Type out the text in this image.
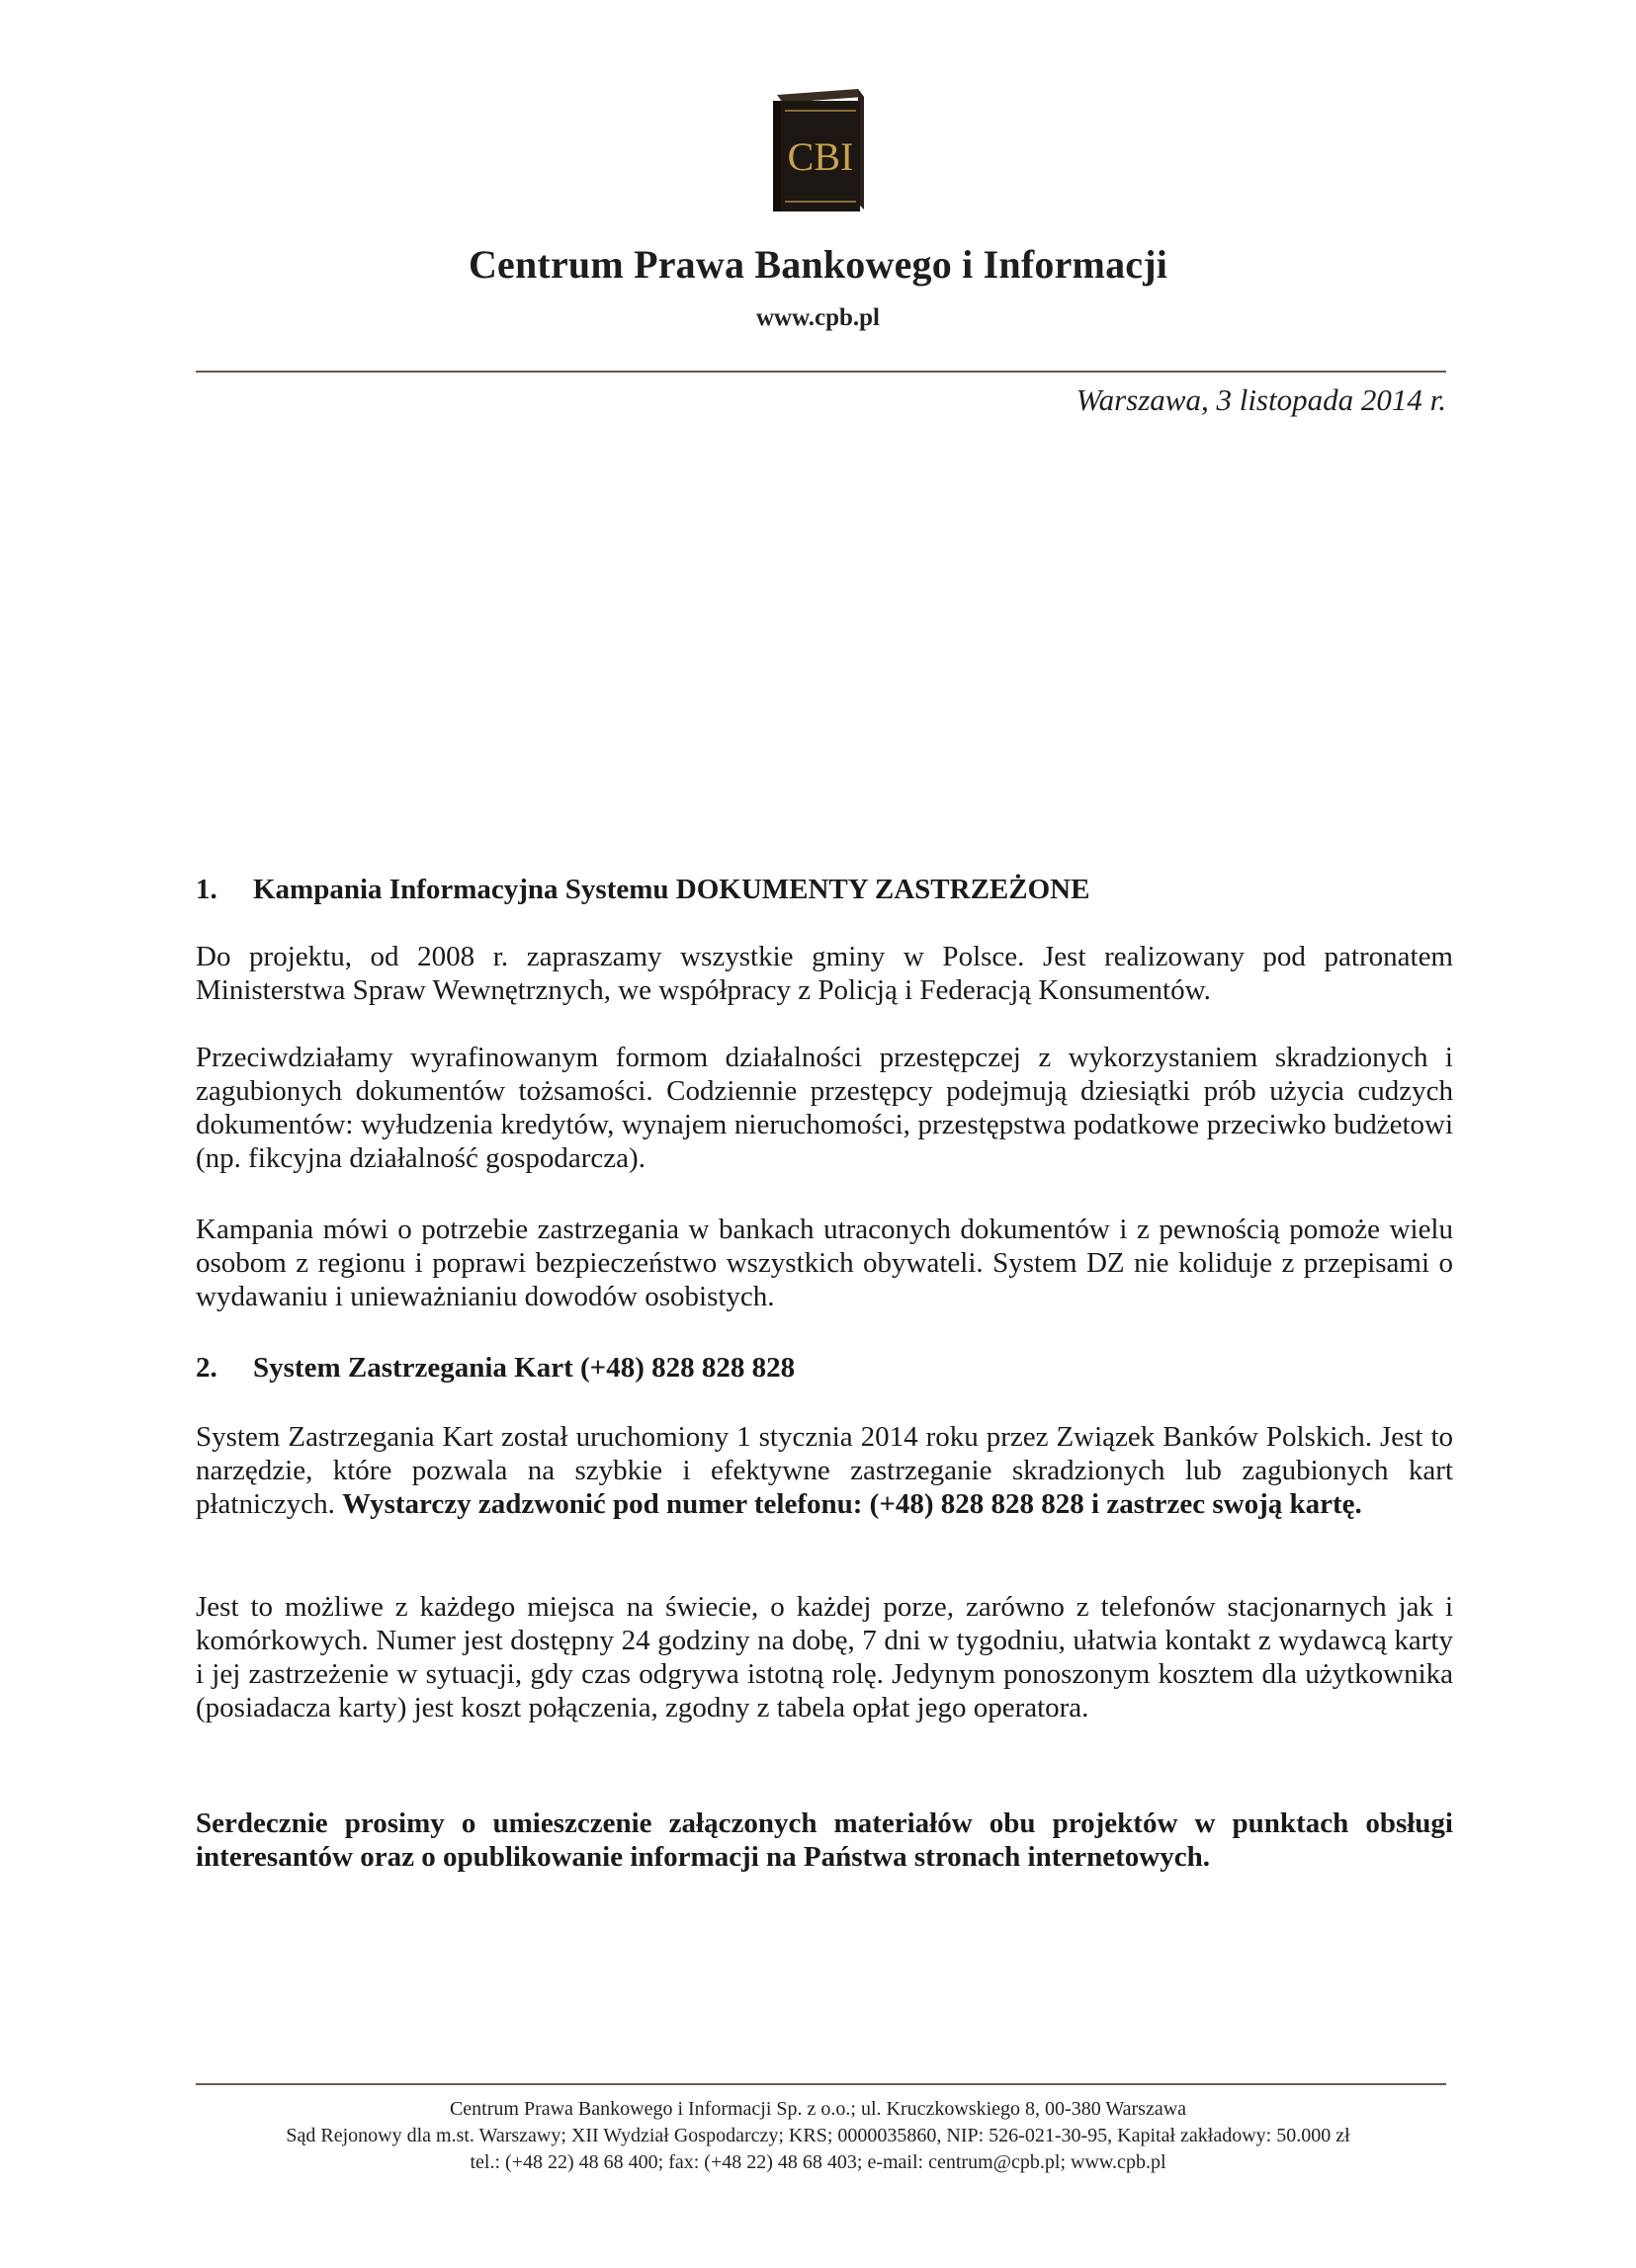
CBI
Centrum Prawa Bankowego i Informacji
www.cpb.pl
Warszawa, 3 listopada 2014 r.
1. Kampania Informacyjna Systemu DOKUMENTY ZASTRZEŻONE
Do projektu, od 2008 r. zapraszamy wszystkie gminy w Polsce. Jest realizowany pod patronatem Ministerstwa Spraw Wewnętrznych, we współpracy z Policją i Federacją Konsumentów.
Przeciwdziałamy wyrafinowanym formom działalności przestępczej z wykorzystaniem skradzionych i zagubionych dokumentów tożsamości. Codziennie przestępcy podejmują dziesiątki prób użycia cudzych dokumentów: wyłudzenia kredytów, wynajem nieruchomości, przestępstwa podatkowe przeciwko budżetowi (np. fikcyjna działalność gospodarcza).
Kampania mówi o potrzebie zastrzegania w bankach utraconych dokumentów i z pewnością pomoże wielu osobom z regionu i poprawi bezpieczeństwo wszystkich obywateli. System DZ nie koliduje z przepisami o wydawaniu i unieważnianiu dowodów osobistych.
2. System Zastrzegania Kart (+48) 828 828 828
System Zastrzegania Kart został uruchomiony 1 stycznia 2014 roku przez Związek Banków Polskich. Jest to narzędzie, które pozwala na szybkie i efektywne zastrzeganie skradzionych lub zagubionych kart płatniczych. Wystarczy zadzwonić pod numer telefonu: (+48) 828 828 828 i zastrzec swoją kartę.
Jest to możliwe z każdego miejsca na świecie, o każdej porze, zarówno z telefonów stacjonarnych jak i komórkowych. Numer jest dostępny 24 godziny na dobę, 7 dni w tygodniu, ułatwia kontakt z wydawcą karty i jej zastrzeżenie w sytuacji, gdy czas odgrywa istotną rolę. Jedynym ponoszonym kosztem dla użytkownika (posiadacza karty) jest koszt połączenia, zgodny z tabela opłat jego operatora.
Serdecznie prosimy o umieszczenie załączonych materiałów obu projektów w punktach obsługi interesantów oraz o opublikowanie informacji na Państwa stronach internetowych.
Centrum Prawa Bankowego i Informacji Sp. z o.o.; ul. Kruczkowskiego 8, 00-380 Warszawa
Sąd Rejonowy dla m.st. Warszawy; XII Wydział Gospodarczy; KRS; 0000035860, NIP: 526-021-30-95, Kapitał zakładowy: 50.000 zł
tel.: (+48 22) 48 68 400; fax: (+48 22) 48 68 403; e-mail: centrum@cpb.pl; www.cpb.pl
